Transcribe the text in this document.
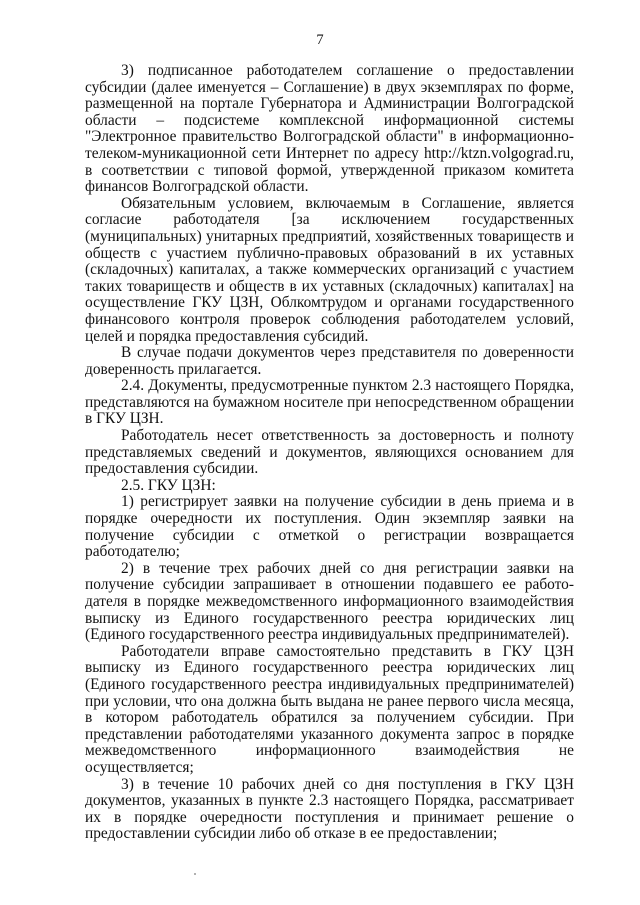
7

3) подписанное работодателем соглашение о предоставлении субсидии (далее именуется – Соглашение) в двух экземплярах по форме, размещенной на портале Губернатора и Администрации Волгоградской области – подсистеме комплексной информационной системы "Электронное правительство Волгоградской области" в информационно-телеком-муникационной сети Интернет по адресу http://ktzn.volgograd.ru, в соответствии с типовой формой, утвержденной приказом комитета финансов Волгоградской области.

Обязательным условием, включаемым в Соглашение, является согласие работодателя [за исключением государственных (муниципальных) унитарных предприятий, хозяйственных товариществ и обществ с участием публично-правовых образований в их уставных (складочных) капиталах, а также коммерческих организаций с участием таких товариществ и обществ в их уставных (складочных) капиталах] на осуществление ГКУ ЦЗН, Облкомтрудом и органами государственного финансового контроля проверок соблюдения работодателем условий, целей и порядка предоставления субсидий.

В случае подачи документов через представителя по доверенности доверенность прилагается.

2.4. Документы, предусмотренные пунктом 2.3 настоящего Порядка, представляются на бумажном носителе при непосредственном обращении в ГКУ ЦЗН.

Работодатель несет ответственность за достоверность и полноту представляемых сведений и документов, являющихся основанием для предоставления субсидии.

2.5. ГКУ ЦЗН:

1) регистрирует заявки на получение субсидии в день приема и в порядке очередности их поступления. Один экземпляр заявки на получение субсидии с отметкой о регистрации возвращается работодателю;

2) в течение трех рабочих дней со дня регистрации заявки на получение субсидии запрашивает в отношении подавшего ее работо-дателя в порядке межведомственного информационного взаимодействия выписку из Единого государственного реестра юридических лиц (Единого государственного реестра индивидуальных предпринимателей).

Работодатели вправе самостоятельно представить в ГКУ ЦЗН выписку из Единого государственного реестра юридических лиц (Единого государственного реестра индивидуальных предпринимателей) при условии, что она должна быть выдана не ранее первого числа месяца, в котором работодатель обратился за получением субсидии. При представлении работодателями указанного документа запрос в порядке межведомственного информационного взаимодействия не осуществляется;

3) в течение 10 рабочих дней со дня поступления в ГКУ ЦЗН документов, указанных в пункте 2.3 настоящего Порядка, рассматривает их в порядке очередности поступления и принимает решение о предоставлении субсидии либо об отказе в ее предоставлении;
